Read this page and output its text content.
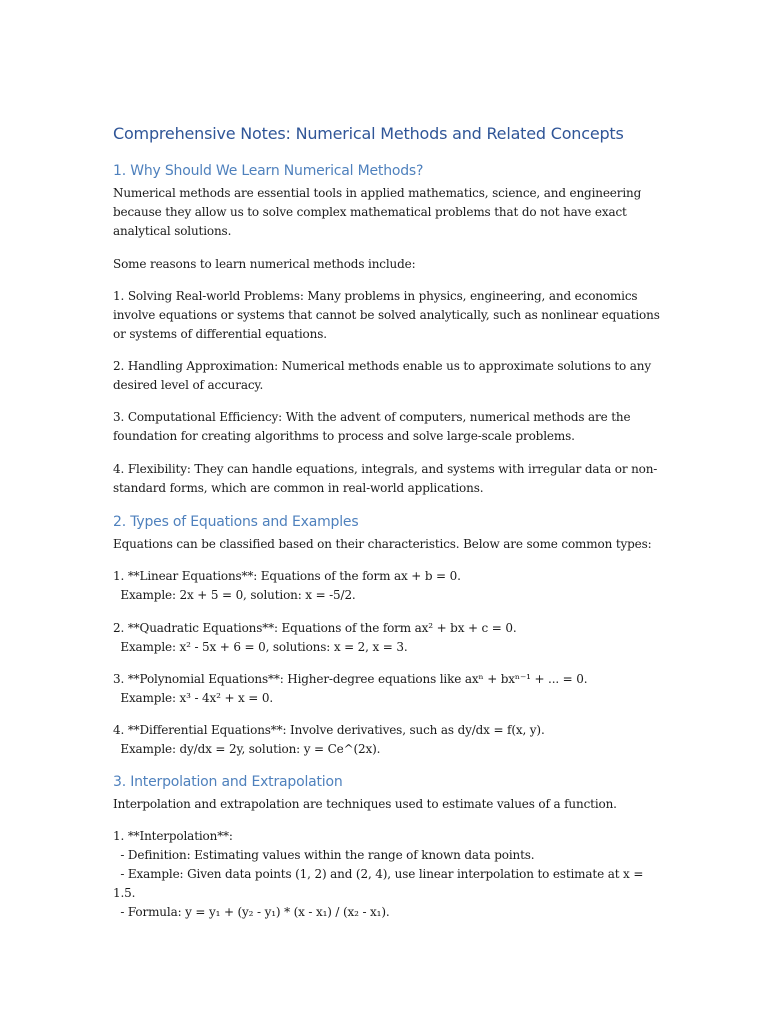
Comprehensive Notes: Numerical Methods and Related Concepts
1. Why Should We Learn Numerical Methods?

Numerical methods are essential tools in applied mathematics, science, and engineering
because they allow us to solve complex mathematical problems that do not have exact
analytical solutions.

Some reasons to learn numerical methods include:

1. Solving Real-world Problems: Many problems in physics, engineering, and economics
involve equations or systems that cannot be solved analytically, such as nonlinear equations
or systems of differential equations.

2. Handling Approximation: Numerical methods enable us to approximate solutions to any
desired level of accuracy.

3. Computational Efficiency: With the advent of computers, numerical methods are the
foundation for creating algorithms to process and solve large-scale problems.

4. Flexibility: They can handle equations, integrals, and systems with irregular data or non-
standard forms, which are common in real-world applications.

2. Types of Equations and Examples

Equations can be classified based on their characteristics. Below are some common types:

1. **Linear Equations**: Equations of the form ax + b = 0.
Example: 2x + 5 = 0, solution: x = -5/2.

2. **Quadratic Equations**: Equations of the form ax² + bx + c = 0.
Example: x² - 5x + 6 = 0, solutions: x = 2, x = 3.

3. **Polynomial Equations**: Higher-degree equations like axⁿ + bxⁿ⁻¹ + ... = 0.
Example: x³ - 4x² + x = 0.

4. **Differential Equations**: Involve derivatives, such as dy/dx = f(x, y).
Example: dy/dx = 2y, solution: y = Ce^(2x).

3. Interpolation and Extrapolation

Interpolation and extrapolation are techniques used to estimate values of a function.

1. **Interpolation**:
- Definition: Estimating values within the range of known data points.
- Example: Given data points (1, 2) and (2, 4), use linear interpolation to estimate at x =
1.5.
- Formula: y = y₁ + (y₂ - y₁) * (x - x₁) / (x₂ - x₁).
